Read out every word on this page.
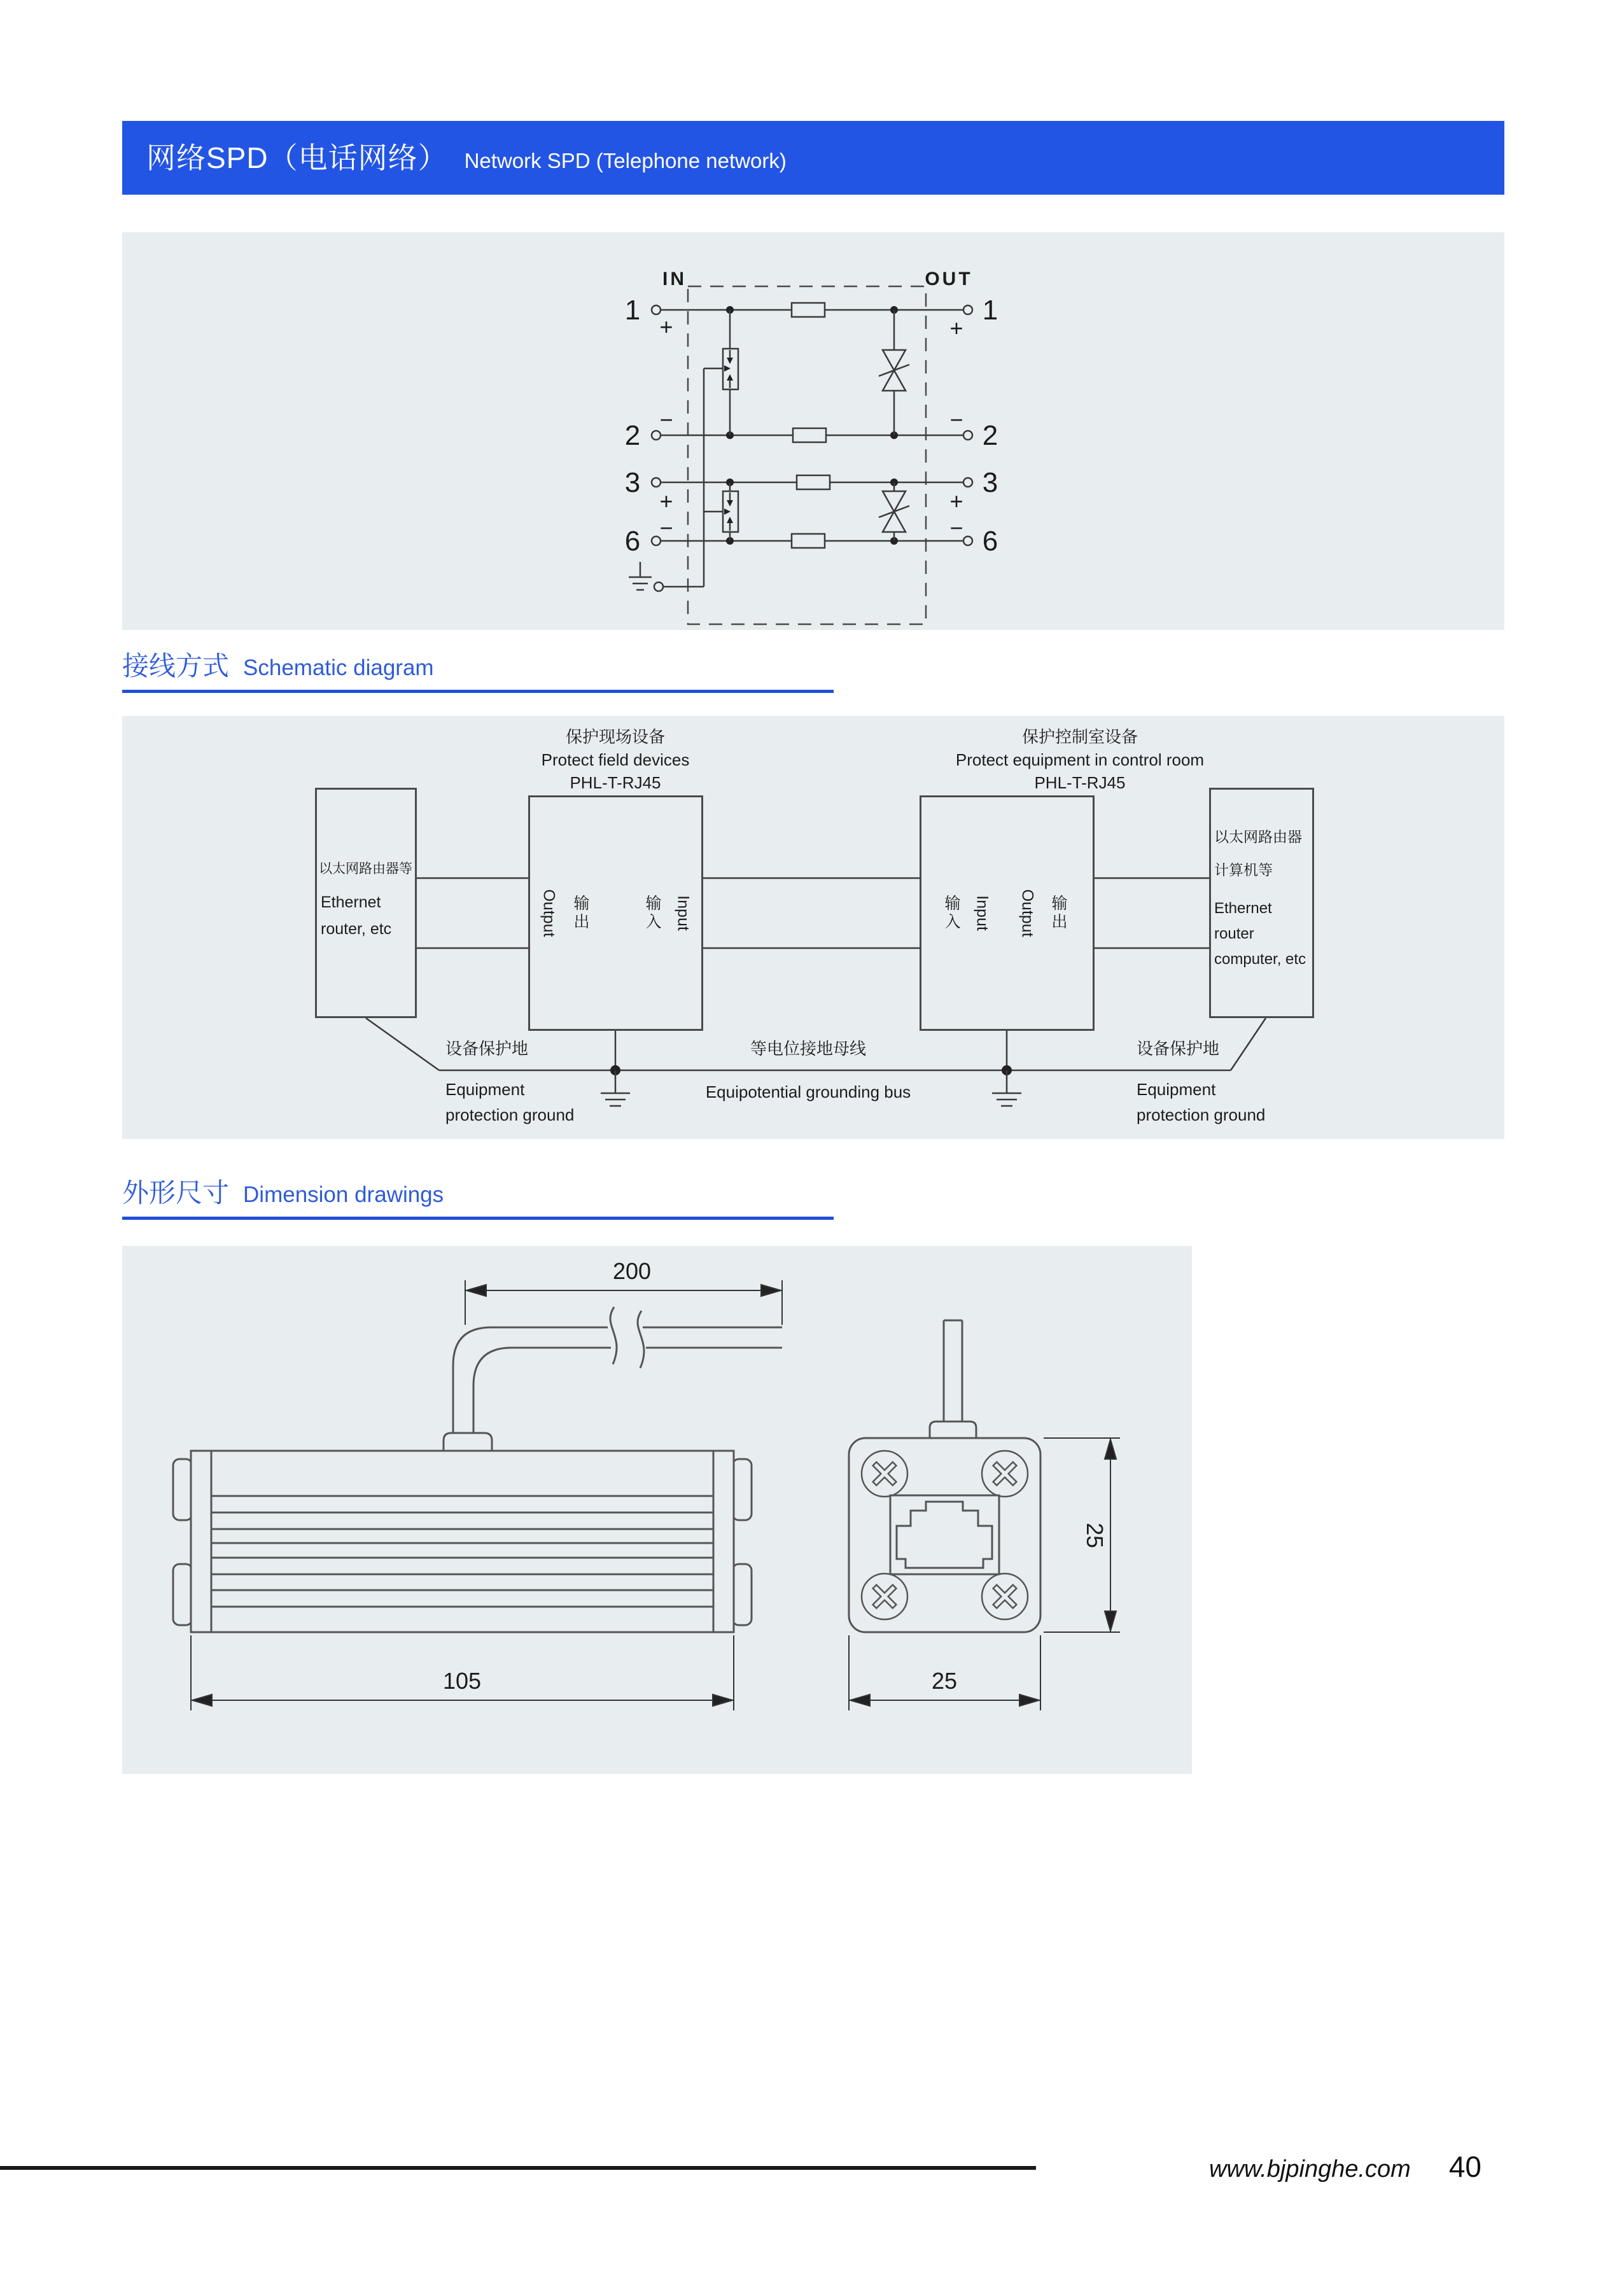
网络SPD（电话网络） Network SPD (Telephone network)
IN	OUT
1
2
3
6
1
2
3
6
+	+
−	−
+	+
−	−
接线方式 Schematic diagram
保护现场设备
Protect field devices
PHL-T-RJ45
保护控制室设备
Protect equipment in control room
PHL-T-RJ45
以太网路由器等
Ethernet
router, etc
以太网路由器
计算机等
Ethernet
router
computer, etc
Output 输出	输入 Input	输入 Input Output 输出
设备保护地
Equipment
protection ground
等电位接地母线
Equipotential grounding bus
设备保护地
Equipment
protection ground
外形尺寸 Dimension drawings
200
105
25
25
www.bjpinghe.com 40
